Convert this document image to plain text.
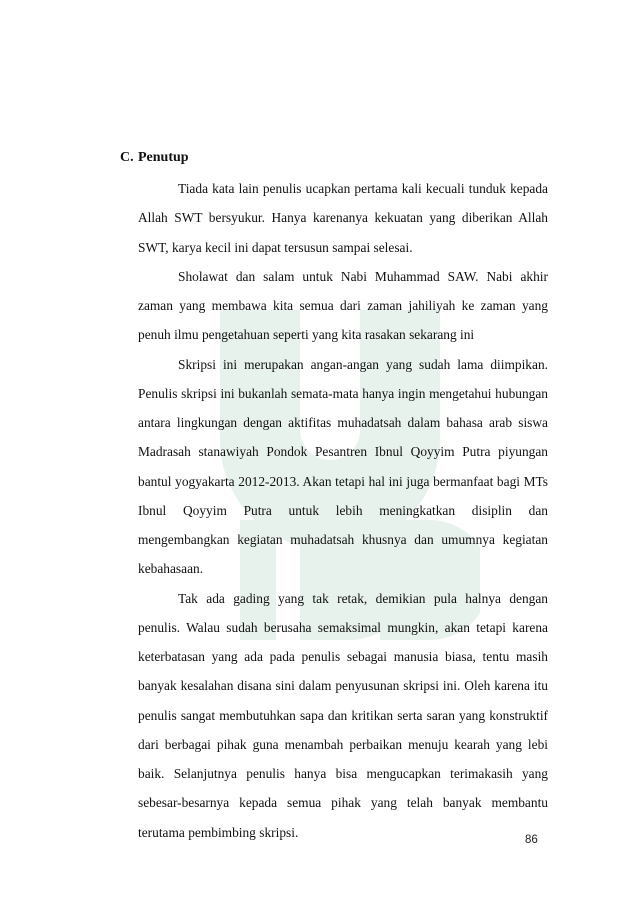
C. Penutup

Tiada kata lain penulis ucapkan pertama kali kecuali tunduk kepada Allah SWT bersyukur. Hanya karenanya kekuatan yang diberikan Allah SWT, karya kecil ini dapat tersusun sampai selesai.

Sholawat dan salam untuk Nabi Muhammad SAW. Nabi akhir zaman yang membawa kita semua dari zaman jahiliyah ke zaman yang penuh ilmu pengetahuan seperti yang kita rasakan sekarang ini

Skripsi ini merupakan angan-angan yang sudah lama diimpikan. Penulis skripsi ini bukanlah semata-mata hanya ingin mengetahui hubungan antara lingkungan dengan aktifitas muhadatsah dalam bahasa arab siswa Madrasah stanawiyah Pondok Pesantren Ibnul Qoyyim Putra piyungan bantul yogyakarta 2012-2013. Akan tetapi hal ini juga bermanfaat bagi MTs Ibnul Qoyyim Putra untuk lebih meningkatkan disiplin dan mengembangkan kegiatan muhadatsah khusnya dan umumnya kegiatan kebahasaan.

Tak ada gading yang tak retak, demikian pula halnya dengan penulis. Walau sudah berusaha semaksimal mungkin, akan tetapi karena keterbatasan yang ada pada penulis sebagai manusia biasa, tentu masih banyak kesalahan disana sini dalam penyusunan skripsi ini. Oleh karena itu penulis sangat membutuhkan sapa dan kritikan serta saran yang konstruktif dari berbagai pihak guna menambah perbaikan menuju kearah yang lebi baik. Selanjutnya penulis hanya bisa mengucapkan terimakasih yang sebesar-besarnya kepada semua pihak yang telah banyak membantu terutama pembimbing skripsi.

86
